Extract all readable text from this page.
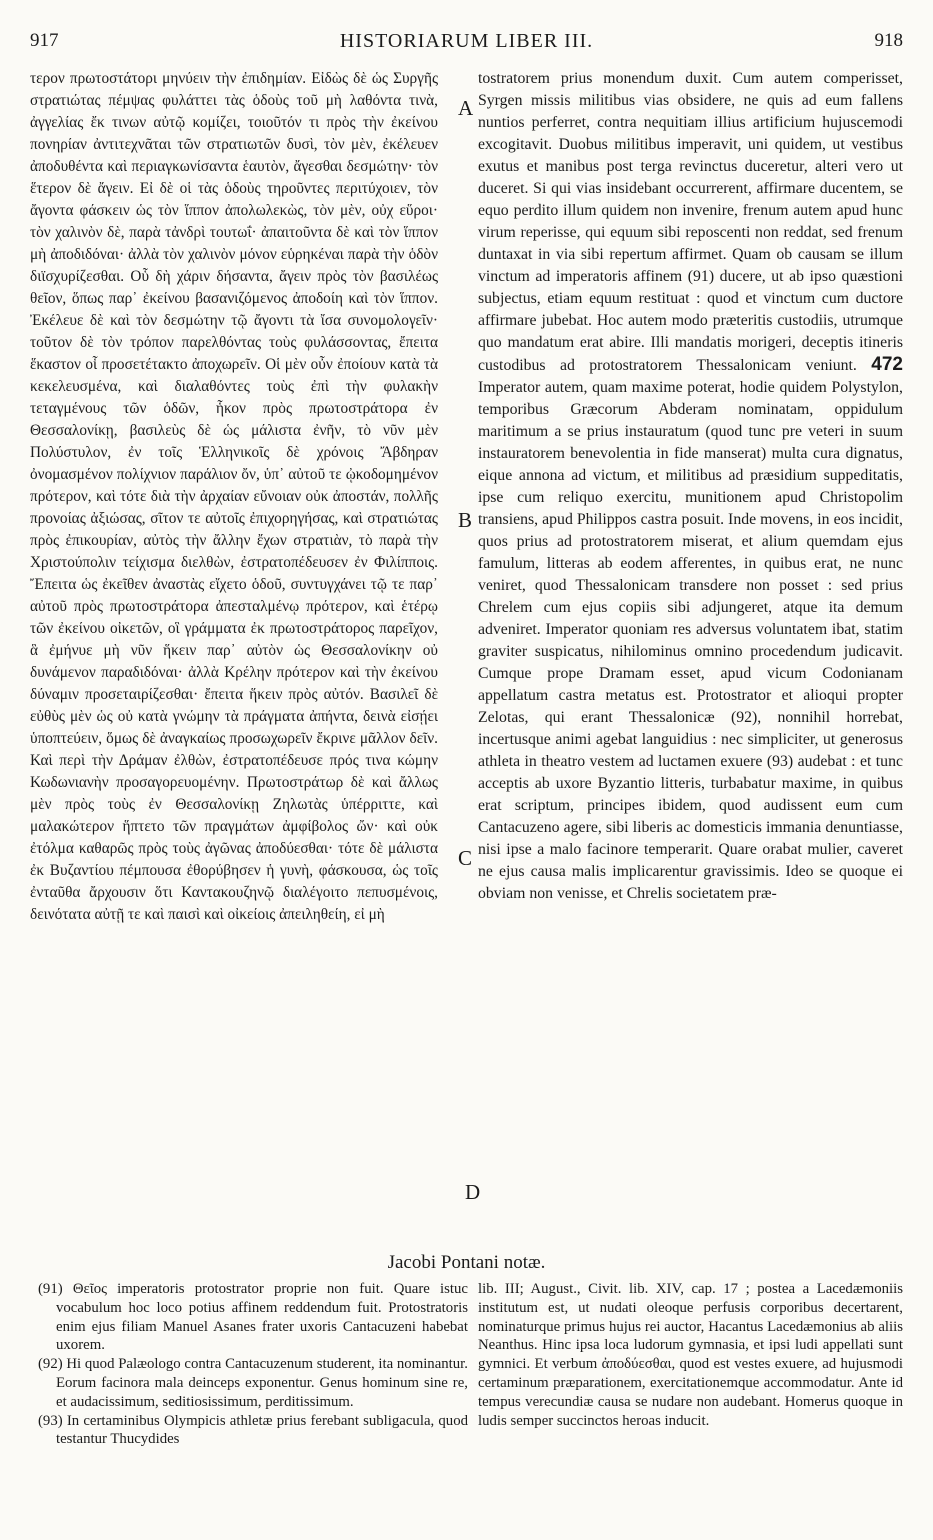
917	HISTORIARUM LIBER III.	918

τερον πρωτοστάτορι μηνύειν τὴν ἐπιδημίαν. Εἰδὼς δὲ ὡς Συργῆς στρατιώτας πέμψας φυλάττει τὰς ὁδοὺς τοῦ μὴ λαθόντα τινὰ, ἀγγελίας ἔκ τινων αὐτῷ κομίζει, τοιοῦτόν τι πρὸς τὴν ἐκείνου πονηρίαν ἀντιτεχνᾶται τῶν στρατιωτῶν δυσὶ, τὸν μὲν, ἐκέλευεν ἀποδυθέντα καὶ περιαγκωνίσαντα ἑαυτὸν, ἄγεσθαι δεσμώτην· τὸν ἕτερον δὲ ἄγειν. Εἰ δὲ οἱ τὰς ὁδοὺς τηροῦντες περιτύχοιεν, τὸν ἄγοντα φάσκειν ὡς τὸν ἵππον ἀπολωλεκὼς, τὸν μὲν, οὐχ εὕροι· τὸν χαλινὸν δὲ, παρὰ τἀνδρὶ τουτωΐ· ἀπαιτοῦντα δὲ καὶ τὸν ἵππον μὴ ἀποδιδόναι· ἀλλὰ τὸν χαλινὸν μόνον εὑρηκέναι παρὰ τὴν ὁδὸν διϊσχυρίζεσθαι. Οὗ δὴ χάριν δήσαντα, ἄγειν πρὸς τὸν βασιλέως θεῖον, ὅπως παρ᾽ ἐκείνου βασανιζόμενος ἀποδοίη καὶ τὸν ἵππον. Ἐκέλευε δὲ καὶ τὸν δεσμώτην τῷ ἄγοντι τὰ ἴσα συνομολογεῖν· τοῦτον δὲ τὸν τρόπον παρελθόντας τοὺς φυλάσσοντας, ἔπειτα ἕκαστον οἷ προσετέτακτο ἀποχωρεῖν. Οἱ μὲν οὖν ἐποίουν κατὰ τὰ κεκελευσμένα, καὶ διαλαθόντες τοὺς ἐπὶ τὴν φυλακὴν τεταγμένους τῶν ὁδῶν, ἧκον πρὸς πρωτοστράτορα ἐν Θεσσαλονίκῃ, βασιλεὺς δὲ ὡς μάλιστα ἐνῆν, τὸ νῦν μὲν Πολύστυλον, ἐν τοῖς Ἑλληνικοῖς δὲ χρόνοις Ἄβδηραν ὀνομασμένον πολίχνιον παράλιον ὄν, ὑπ᾽ αὐτοῦ τε ᾠκοδομημένον πρότερον, καὶ τότε διὰ τὴν ἀρχαίαν εὔνοιαν οὐκ ἀποστάν, πολλῆς προνοίας ἀξιώσας, σῖτον τε αὐτοῖς ἐπιχορηγήσας, καὶ στρατιώτας πρὸς ἐπικουρίαν, αὐτὸς τὴν ἄλλην ἔχων στρατιὰν, τὸ παρὰ τὴν Χριστούπολιν τείχισμα διελθὼν, ἐστρατοπέδευσεν ἐν Φιλίπποις. Ἔπειτα ὡς ἐκεῖθεν ἀναστὰς εἴχετο ὁδοῦ, συντυγχάνει τῷ τε παρ᾽ αὐτοῦ πρὸς πρωτοστράτορα ἀπεσταλμένῳ πρότερον, καὶ ἑτέρῳ τῶν ἐκείνου οἰκετῶν, οἳ γράμματα ἐκ πρωτοστράτορος παρεῖχον, ἃ ἐμήνυε μὴ νῦν ἥκειν παρ᾽ αὐτὸν ὡς Θεσσαλονίκην οὐ δυνάμενον παραδιδόναι· ἀλλὰ Κρέλην πρότερον καὶ τὴν ἐκείνου δύναμιν προσεταιρίζεσθαι· ἔπειτα ἥκειν πρὸς αὐτόν. Βασιλεῖ δὲ εὐθὺς μὲν ὡς οὐ κατὰ γνώμην τὰ πράγματα ἀπήντα, δεινὰ εἰσῄει ὑποπτεύειν, ὅμως δὲ ἀναγκαίως προσωχωρεῖν ἔκρινε μᾶλλον δεῖν. Καὶ περὶ τὴν Δράμαν ἐλθὼν, ἐστρατοπέδευσε πρός τινα κώμην Κωδωνιανὴν προσαγορευομένην. Πρωτοστράτωρ δὲ καὶ ἄλλως μὲν πρὸς τοὺς ἐν Θεσσαλονίκῃ Ζηλωτὰς ὑπέρριττε, καὶ μαλακώτερον ἥπτετο τῶν πραγμάτων ἀμφίβολος ὤν· καὶ οὐκ ἐτόλμα καθαρῶς πρὸς τοὺς ἀγῶνας ἀποδύεσθαι· τότε δὲ μάλιστα ἐκ Βυζαντίου πέμπουσα ἐθορύβησεν ἡ γυνὴ, φάσκουσα, ὡς τοῖς ἐνταῦθα ἄρχουσιν ὅτι Καντακουζηνῷ διαλέγοιτο πεπυσμένοις, δεινότατα αὐτῇ τε καὶ παισὶ καὶ οἰκείοις ἀπειληθείη, εἰ μὴ

A
B
C
D

tostratorem prius monendum duxit. Cum autem comperisset, Syrgen missis militibus vias obsidere, ne quis ad eum fallens nuntios perferret, contra nequitiam illius artificium hujuscemodi excogitavit. Duobus militibus imperavit, uni quidem, ut vestibus exutus et manibus post terga revinctus duceretur, alteri vero ut duceret. Si qui vias insidebant occurrerent, affirmare ducentem, se equo perdito illum quidem non invenire, frenum autem apud hunc virum reperisse, qui equum sibi reposcenti non reddat, sed frenum duntaxat in via sibi repertum affirmet. Quam ob causam se illum vinctum ad imperatoris affinem (91) ducere, ut ab ipso quæstioni subjectus, etiam equum restituat : quod et vinctum cum ductore affirmare jubebat. Hoc autem modo præteritis custodiis, utrumque quo mandatum erat abire. Illi mandatis morigeri, deceptis itineris custodibus ad protostratorem Thessalonicam veniunt. 472 Imperator autem, quam maxime poterat, hodie quidem Polystylon, temporibus Græcorum Abderam nominatam, oppidulum maritimum a se prius instauratum (quod tunc pre veteri in suum instauratorem benevolentia in fide manserat) multa cura dignatus, eique annona ad victum, et militibus ad præsidium suppeditatis, ipse cum reliquo exercitu, munitionem apud Christopolim transiens, apud Philippos castra posuit. Inde movens, in eos incidit, quos prius ad protostratorem miserat, et alium quemdam ejus famulum, litteras ab eodem afferentes, in quibus erat, ne nunc veniret, quod Thessalonicam transdere non posset : sed prius Chrelem cum ejus copiis sibi adjungeret, atque ita demum adveniret. Imperator quoniam res adversus voluntatem ibat, statim graviter suspicatus, nihilominus omnino procedendum judicavit. Cumque prope Dramam esset, apud vicum Codonianam appellatum castra metatus est. Protostrator et alioqui propter Zelotas, qui erant Thessalonicæ (92), nonnihil horrebat, incertusque animi agebat languidius : nec simpliciter, ut generosus athleta in theatro vestem ad luctamen exuere (93) audebat : et tunc acceptis ab uxore Byzantio litteris, turbabatur maxime, in quibus erat scriptum, principes ibidem, quod audissent eum cum Cantacuzeno agere, sibi liberis ac domesticis immania denuntiasse, nisi ipse a malo facinore temperarit. Quare orabat mulier, caveret ne ejus causa malis implicarentur gravissimis. Ideo se quoque ei obviam non venisse, et Chrelis societatem præ-

Jacobi Pontani notæ.

(91) Θεῖος imperatoris protostrator proprie non fuit. Quare istuc vocabulum hoc loco potius affinem reddendum fuit. Protostratoris enim ejus filiam Manuel Asanes frater uxoris Cantacuzeni habebat uxorem.

(92) Hi quod Palæologo contra Cantacuzenum studerent, ita nominantur. Eorum facinora mala deinceps exponentur. Genus hominum sine re, et audacissimum, seditiosissimum, perditissimum.

(93) In certaminibus Olympicis athletæ prius ferebant subligacula, quod testantur Thucydides

lib. III; August., Civit. lib. XIV, cap. 17 ; postea a Lacedæmoniis institutum est, ut nudati oleoque perfusis corporibus decertarent, nominaturque primus hujus rei auctor, Hacantus Lacedæmonius ab aliis Neanthus. Hinc ipsa loca ludorum gymnasia, et ipsi ludi appellati sunt gymnici. Et verbum ἀποδύεσθαι, quod est vestes exuere, ad hujusmodi certaminum præparationem, exercitationemque accommodatur. Ante id tempus verecundiæ causa se nudare non audebant. Homerus quoque in ludis semper succinctos heroas inducit.
